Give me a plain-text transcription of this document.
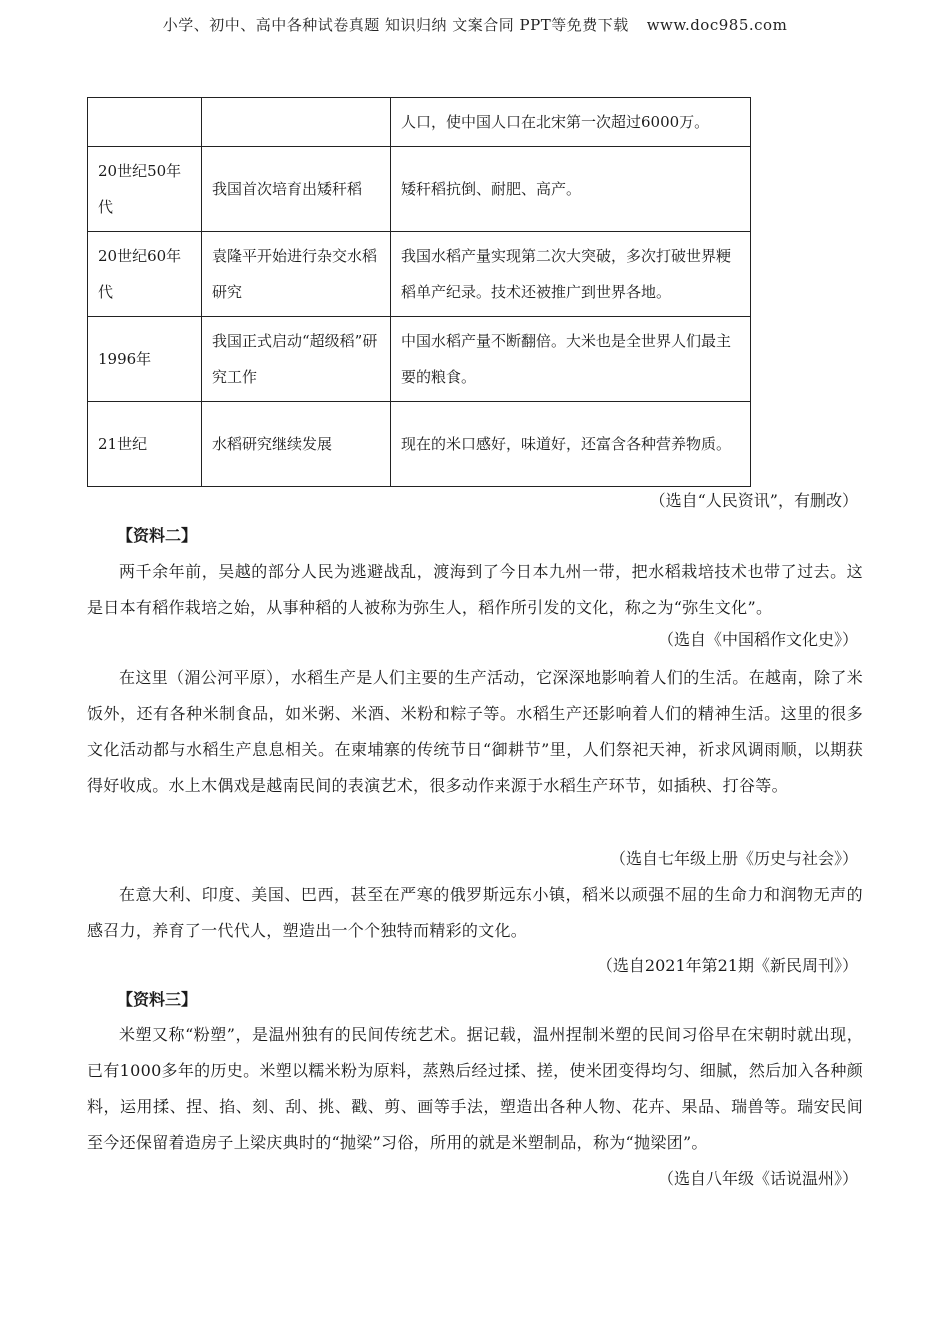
小学、初中、高中各种试卷真题 知识归纳 文案合同 PPT等免费下载 www.doc985.com
		人口，使中国人口在北宋第一次超过6000万。
20世纪50年代	我国首次培育出矮秆稻	矮秆稻抗倒、耐肥、高产。
20世纪60年代	袁隆平开始进行杂交水稻研究	我国水稻产量实现第二次大突破，多次打破世界粳稻单产纪录。技术还被推广到世界各地。
1996年	我国正式启动“超级稻”研究工作	中国水稻产量不断翻倍。大米也是全世界人们最主要的粮食。
21世纪	水稻研究继续发展	现在的米口感好，味道好，还富含各种营养物质。
（选自“人民资讯”，有删改）
【资料二】
两千余年前，吴越的部分人民为逃避战乱，渡海到了今日本九州一带，把水稻栽培技术也带了过去。这是日本有稻作栽培之始，从事种稻的人被称为弥生人，稻作所引发的文化，称之为“弥生文化”。
（选自《中国稻作文化史》）
在这里（湄公河平原），水稻生产是人们主要的生产活动，它深深地影响着人们的生活。在越南，除了米饭外，还有各种米制食品，如米粥、米酒、米粉和粽子等。水稻生产还影响着人们的精神生活。这里的很多文化活动都与水稻生产息息相关。在柬埔寨的传统节日“御耕节”里，人们祭祀天神，祈求风调雨顺，以期获得好收成。水上木偶戏是越南民间的表演艺术，很多动作来源于水稻生产环节，如插秧、打谷等。
（选自七年级上册《历史与社会》）
在意大利、印度、美国、巴西，甚至在严寒的俄罗斯远东小镇，稻米以顽强不屈的生命力和润物无声的感召力，养育了一代代人，塑造出一个个独特而精彩的文化。
（选自2021年第21期《新民周刊》）
【资料三】
米塑又称“粉塑”，是温州独有的民间传统艺术。据记载，温州捏制米塑的民间习俗早在宋朝时就出现，已有1000多年的历史。米塑以糯米粉为原料，蒸熟后经过揉、搓，使米团变得均匀、细腻，然后加入各种颜料，运用揉、捏、掐、刻、刮、挑、戳、剪、画等手法，塑造出各种人物、花卉、果品、瑞兽等。瑞安民间至今还保留着造房子上梁庆典时的“抛梁”习俗，所用的就是米塑制品，称为“抛梁团”。
（选自八年级《话说温州》）
